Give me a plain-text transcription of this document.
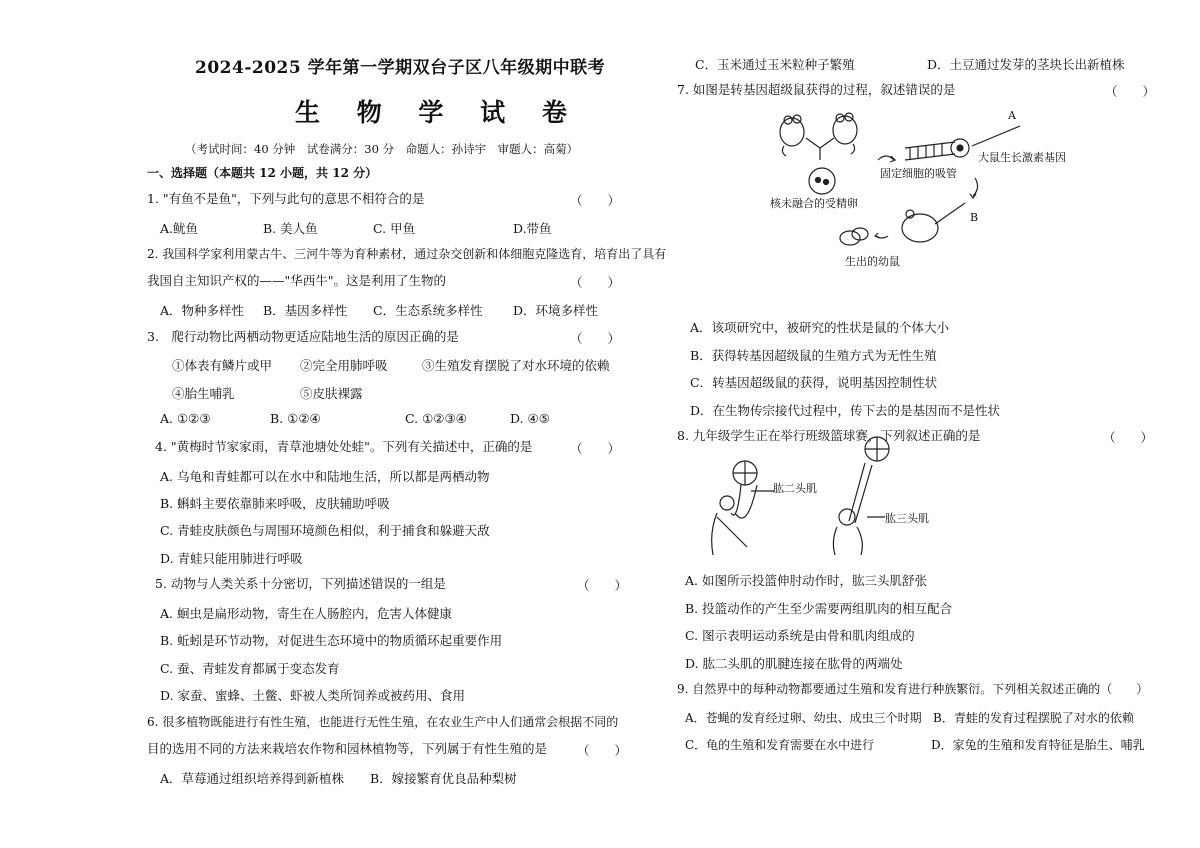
2024-2025 学年第一学期双台子区八年级期中联考
生 物 学 试 卷
（考试时间：40 分钟　试卷满分：30 分　命题人：孙诗宇　审题人：高菊）
一、选择题（本题共 12 小题，共 12 分）
1. "有鱼不是鱼"，下列与此句的意思不相符合的是	（　　）
A.鱿鱼	B. 美人鱼	C. 甲鱼	D.带鱼
2. 我国科学家利用蒙古牛、三河牛等为育种素材，通过杂交创新和体细胞克隆选育，培育出了具有
我国自主知识产权的——"华西牛"。这是利用了生物的	（　　）
A．物种多样性 B．基因多样性 C．生态系统多样性 D．环境多样性
3.　爬行动物比两栖动物更适应陆地生活的原因正确的是	（　　）
①体表有鳞片或甲 ②完全用肺呼吸	③生殖发育摆脱了对水环境的依赖
④胎生哺乳	⑤皮肤裸露
A. ①②③	B. ①②④	C. ①②③④	D. ④⑤
4. "黄梅时节家家雨，青草池塘处处蛙"。下列有关描述中，正确的是	（　　）
A. 乌龟和青蛙都可以在水中和陆地生活，所以都是两栖动物
B. 蝌蚪主要依靠肺来呼吸，皮肤辅助呼吸
C. 青蛙皮肤颜色与周围环境颜色相似，利于捕食和躲避天敌
D. 青蛙只能用肺进行呼吸
5. 动物与人类关系十分密切，下列描述错误的一组是	（　　）
A. 蛔虫是扁形动物，寄生在人肠腔内，危害人体健康
B. 蚯蚓是环节动物，对促进生态环境中的物质循环起重要作用
C. 蚕、青蛙发育都属于变态发育
D. 家蚕、蜜蜂、土鳖、虾被人类所饲养或被药用、食用
6. 很多植物既能进行有性生殖，也能进行无性生殖，在农业生产中人们通常会根据不同的
目的选用不同的方法来栽培农作物和园林植物等，下列属于有性生殖的是 （　　）
A．草莓通过组织培养得到新植株 B．嫁接繁育优良品种梨树
C．玉米通过玉米粒种子繁殖	D．土豆通过发芽的茎块长出新植株
7. 如图是转基因超级鼠获得的过程，叙述错误的是	（　　）
A
大鼠生长激素基因
固定细胞的吸管
核未融合的受精卵
B
生出的幼鼠
A．该项研究中，被研究的性状是鼠的个体大小
B．获得转基因超级鼠的生殖方式为无性生殖
C．转基因超级鼠的获得，说明基因控制性状
D．在生物传宗接代过程中，传下去的是基因而不是性状
8. 九年级学生正在举行班级篮球赛，下列叙述正确的是	（　　）
肱二头肌
肱三头肌
A. 如图所示投篮伸肘动作时，肱三头肌舒张
B. 投篮动作的产生至少需要两组肌肉的相互配合
C. 图示表明运动系统是由骨和肌肉组成的
D. 肱二头肌的肌腱连接在肱骨的两端处
9. 自然界中的每种动物都要通过生殖和发育进行种族繁衍。下列相关叙述正确的（　　）
A．苍蝇的发育经过卵、幼虫、成虫三个时期 B．青蛙的发育过程摆脱了对水的依赖
C．龟的生殖和发育需要在水中进行	D．家兔的生殖和发育特征是胎生、哺乳
